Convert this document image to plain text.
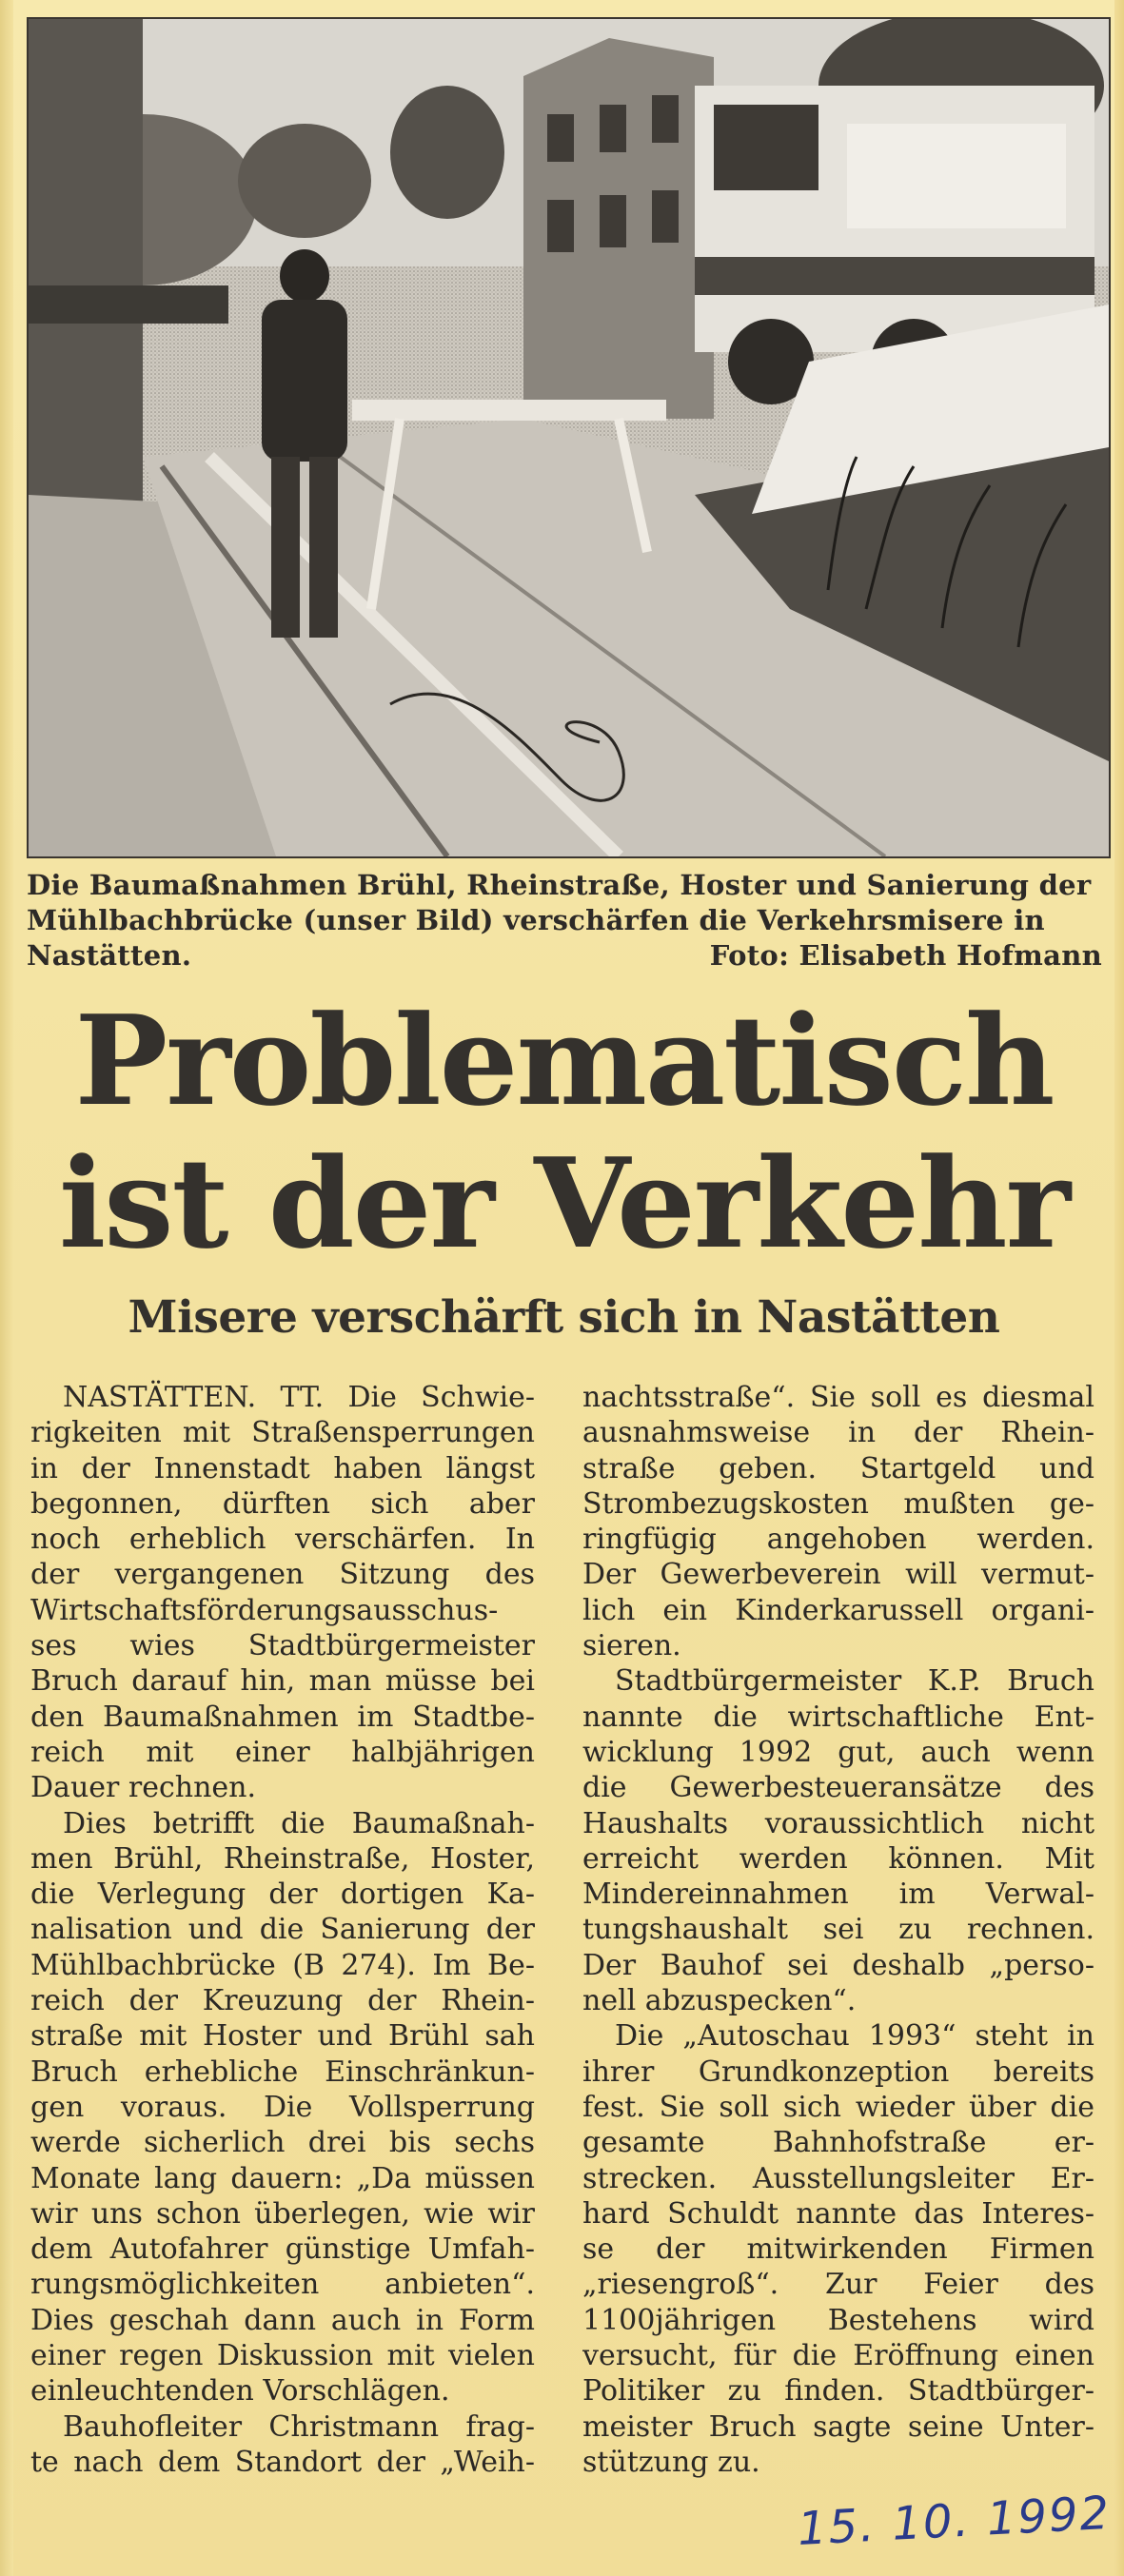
Die Baumaßnahmen Brühl, Rheinstraße, Hoster und Sanierung der
Mühlbachbrücke (unser Bild) verschärfen die Verkehrsmisere in
Nastätten.	Foto: Elisabeth Hofmann
Problematisch
ist der Verkehr
Misere verschärft sich in Nastätten
NASTÄTTEN. TT. Die Schwie-
rigkeiten mit Straßensperrungen
in der Innenstadt haben längst
begonnen, dürften sich aber
noch erheblich verschärfen. In
der vergangenen Sitzung des
Wirtschaftsförderungsausschus-
ses wies Stadtbürgermeister
Bruch darauf hin, man müsse bei
den Baumaßnahmen im Stadtbe-
reich mit einer halbjährigen
Dauer rechnen.
Dies betrifft die Baumaßnah-
men Brühl, Rheinstraße, Hoster,
die Verlegung der dortigen Ka-
nalisation und die Sanierung der
Mühlbachbrücke (B 274). Im Be-
reich der Kreuzung der Rhein-
straße mit Hoster und Brühl sah
Bruch erhebliche Einschränkun-
gen voraus. Die Vollsperrung
werde sicherlich drei bis sechs
Monate lang dauern: „Da müssen
wir uns schon überlegen, wie wir
dem Autofahrer günstige Umfah-
rungsmöglichkeiten anbieten“.
Dies geschah dann auch in Form
einer regen Diskussion mit vielen
einleuchtenden Vorschlägen.
Bauhofleiter Christmann frag-
te nach dem Standort der „Weih-
nachtsstraße“. Sie soll es diesmal
ausnahmsweise in der Rhein-
straße geben. Startgeld und
Strombezugskosten mußten ge-
ringfügig angehoben werden.
Der Gewerbeverein will vermut-
lich ein Kinderkarussell organi-
sieren.
Stadtbürgermeister K.P. Bruch
nannte die wirtschaftliche Ent-
wicklung 1992 gut, auch wenn
die Gewerbesteueransätze des
Haushalts voraussichtlich nicht
erreicht werden können. Mit
Mindereinnahmen im Verwal-
tungshaushalt sei zu rechnen.
Der Bauhof sei deshalb „perso-
nell abzuspecken“.
Die „Autoschau 1993“ steht in
ihrer Grundkonzeption bereits
fest. Sie soll sich wieder über die
gesamte Bahnhofstraße er-
strecken. Ausstellungsleiter Er-
hard Schuldt nannte das Interes-
se der mitwirkenden Firmen
„riesengroß“. Zur Feier des
1100jährigen Bestehens wird
versucht, für die Eröffnung einen
Politiker zu finden. Stadtbürger-
meister Bruch sagte seine Unter-
stützung zu.
15. 10. 1992
